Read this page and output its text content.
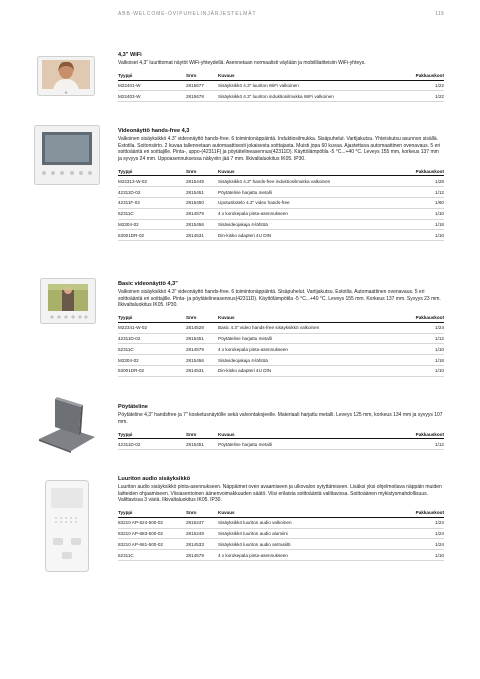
ABB-WELCOME-OVIPUHELINJÄRJESTELMÄT	119
4,3" WiFi
Valkoiset 4,3" luurittomat näytöt WiFi-yhteydellä. Asennetaan normaalisti väylään ja mobiililaitteisiin WiFi-yhteys.
Tyyppi	Snro	Kuvaus	Pakkauskoot
M22401-W	2815677	Sisäyksikkö 4.3" luuriton WiFi valkoinen	1/22
M22403-W	2815678	Sisäyksikkö 4.3" luuriton induktiosilmukka WiFi valkoinen	1/22
Videonäyttö hands-free 4,3
Valkoinen sisäyksikkö 4.3" videonäyttö hands-free. 6 toimintonäppäintä. Induktiosilmukka. Sisäpuhelut. Vartijakutsu. Yhteiskutsu asunnon sisällä. Estotila. Soitonsiirto. 2 kuvaa tallennetaan automaattisesti jokaisesta soittajasta. Muisti jopa 60 kuvaa. Ajastettava automaattinen ovenavaus. 5 eri soittoääntä eri soittajille. Pinta-, uppo-(42311F) ja pöytätelineasennus(42311D). Käyttölämpötila -5 °C...+40 °C. Leveys 155 mm, korkeus 137 mm ja syvyys 24 mm. Uppoasennuksessa näkyviin jää 7 mm. Ilkivaltaluokitus IK05. IP30.
Tyyppi	Snro	Kuvaus	Pakkauskoot
M22313-W-02	2815449	Sisäyksikkö 4.3" hands-free induktiosilmukka valkoinen	1/28
42311D-02	2815451	Pöytäteline harjattu metalli	1/12
42311F-02	2815450	Upotuskotelo 4.3" video hands-free	1/60
52311C	2814579	4 x korokepala pinta-asennukseen	1/10
M2304-02	2815456	Sisävideojakaja 4-lähtöä	1/18
53001DR-02	2814531	Din-kisko adapteri 4U DIN	1/10
Basic videonäyttö 4,3"
Valkoinen sisäyksikkö 4.3" videonäyttö hands-free. 6 toimintonäppäintä. Sisäpuhelut. Vartijakutsu. Estotila. Automaattinen ovenavaus. 5 eri soittoääntä eri soittajille. Pinta- ja pöytätelineasennus(42311D). Käyttölämpötila -5 °C...+40 °C. Leveys 155 mm. Korkeus 137 mm. Syvyys 23 mm. Ilkivaltaluokitus IK05. IP30.
Tyyppi	Snro	Kuvaus	Pakkauskoot
M22341-W-02	2814528	Basic 4.3" video hands-free sisäyksikkö valkoinen	1/24
42311D-02	2815451	Pöytäteline harjattu metalli	1/12
52311C	2814579	4 x korokepala pinta-asennukseen	1/10
M2304-02	2815456	Sisävideojakaja 4-lähtöä	1/18
53001DR-02	2814531	Din-kisko adapteri 4U DIN	1/10
Pöytäteline
Pöytäteline 4,3" handsfree ja 7" kosketusnäytölle sekä valvontakojeelle. Materiaali harjattu metalli. Leveys 125 mm, korkeus 134 mm ja syvyys 107 mm.
Tyyppi	Snro	Kuvaus	Pakkauskoot
42311D-02	2815451	Pöytäteline harjattu metalli	1/12
Luuriton audio sisäyksikkö
Luuriton audio sisäyksikkö pinta-asennukseen. Näppäimet oven avaamiseen ja ulkovalon sytyttämiseen. Lisäksi yksi ohjelmoitava näppäin muiden laitteiden ohjaamiseen. Viisiasentoinen äänenvoimakkuuden säätö. Viisi erilaista soittoääntä valittavissa. Soittoäänen mykistysmahdollisuus. Valittavissa 3 väriä. Ilkivaltaluokitus IK05. IP30.
Tyyppi	Snro	Kuvaus	Pakkauskoot
83210 AP-624-500-02	2815247	Sisäyksikkö luuriton audio valkoinen	1/24
83210 AP-683-500-02	2815248	Sisäyksikkö luuriton audio alumiini	1/24
83210 AP-681-500-02	2814533	Sisäyksikkö luuriton audio antrasiitti	1/24
52311C	2814579	4 x korokepala pinta-asennukseen	1/10
